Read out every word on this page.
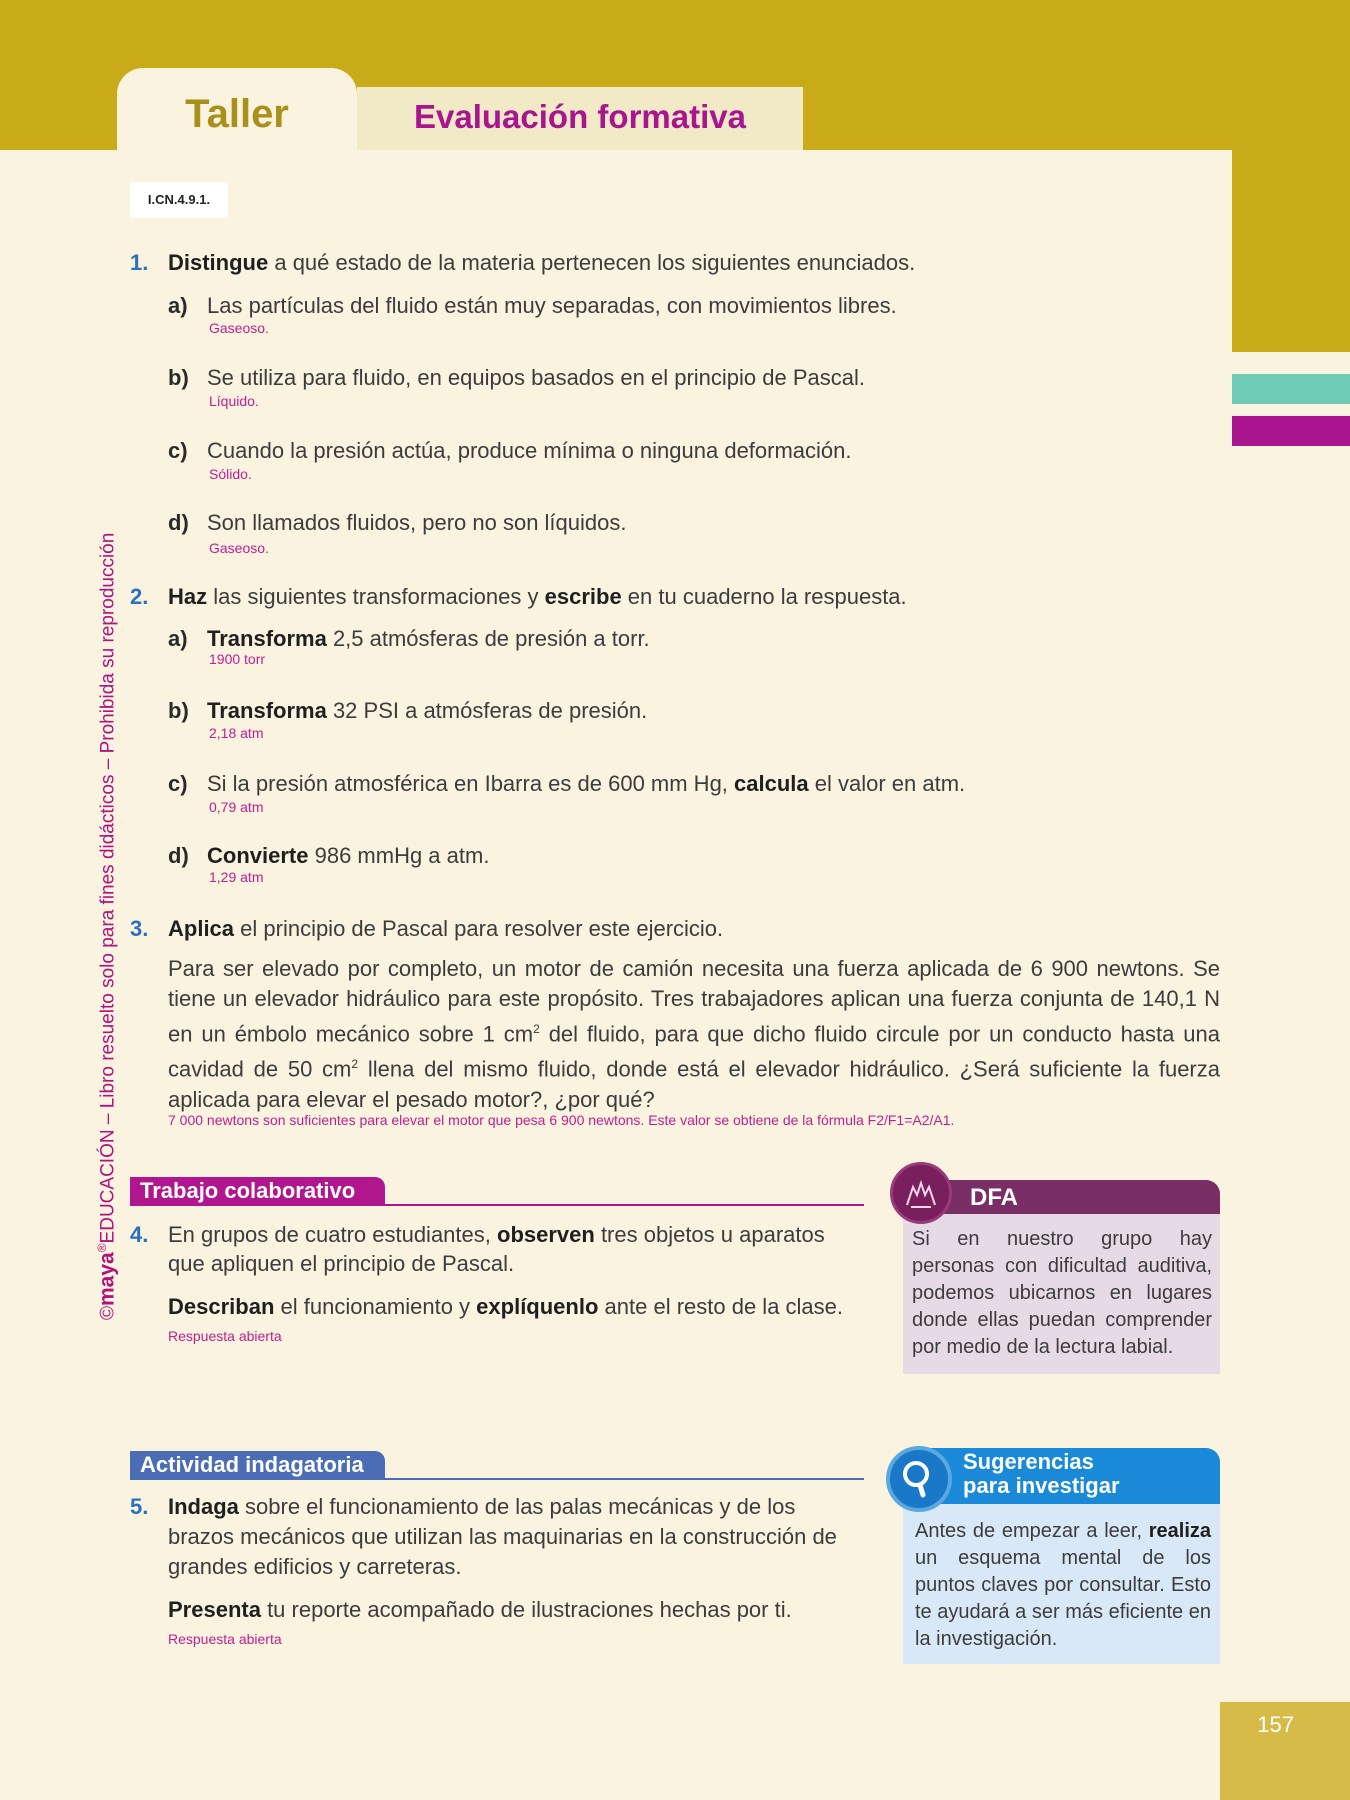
Taller	Evaluación formativa
I.CN.4.9.1.
©maya®EDUCACIÓN – Libro resuelto solo para fines didácticos – Prohibida su reproducción
1. Distingue a qué estado de la materia pertenecen los siguientes enunciados.
a) Las partículas del fluido están muy separadas, con movimientos libres.
Gaseoso.
b) Se utiliza para fluido, en equipos basados en el principio de Pascal.
Líquido.
c) Cuando la presión actúa, produce mínima o ninguna deformación.
Sólido.
d) Son llamados fluidos, pero no son líquidos.
Gaseoso.
2. Haz las siguientes transformaciones y escribe en tu cuaderno la respuesta.
a) Transforma 2,5 atmósferas de presión a torr.
1900 torr
b) Transforma 32 PSI a atmósferas de presión.
2,18 atm
c) Si la presión atmosférica en Ibarra es de 600 mm Hg, calcula el valor en atm.
0,79 atm
d) Convierte 986 mmHg a atm.
1,29 atm
3. Aplica el principio de Pascal para resolver este ejercicio.
Para ser elevado por completo, un motor de camión necesita una fuerza aplicada de 6 900 newtons. Se tiene un elevador hidráulico para este propósito. Tres trabajadores aplican una fuerza conjunta de 140,1 N en un émbolo mecánico sobre 1 $cm^2$ del fluido, para que dicho fluido circule por un conducto hasta una cavidad de 50 $cm^2$ llena del mismo fluido, donde está el elevador hidráulico. ¿Será suficiente la fuerza aplicada para elevar el pesado motor?, ¿por qué?
7 000 newtons son suficientes para elevar el motor que pesa 6 900 newtons. Este valor se obtiene de la fórmula F2/F1=A2/A1.
Trabajo colaborativo
4. En grupos de cuatro estudiantes, observen tres objetos u aparatos
que apliquen el principio de Pascal.
Describan el funcionamiento y explíquenlo ante el resto de la clase.
Respuesta abierta
DFA
Si en nuestro grupo hay personas con dificultad auditiva, podemos ubicarnos en lugares donde ellas puedan comprender por medio de la lectura labial.
Actividad indagatoria
5. Indaga sobre el funcionamiento de las palas mecánicas y de los
brazos mecánicos que utilizan las maquinarias en la construcción de
grandes edificios y carreteras.
Presenta tu reporte acompañado de ilustraciones hechas por ti.
Respuesta abierta
Sugerencias
para investigar
Antes de empezar a leer, realiza un esquema mental de los puntos claves por consultar. Esto te ayudará a ser más eficiente en la investigación.
157
